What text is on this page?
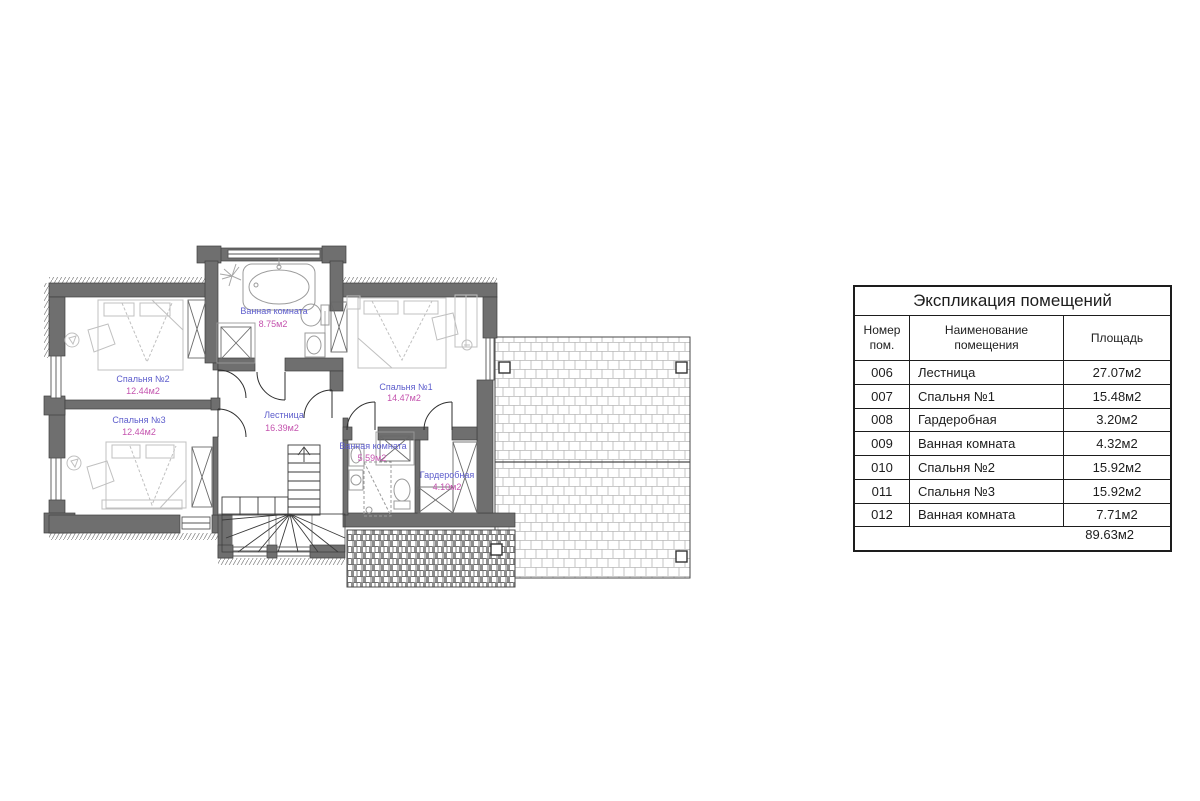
Ванная комната
Спальня №2
Спальня №3
Спальня №1
Лестница
Ванная комната
Гардеробная
8.75м2
12.44м2
12.44м2
14.47м2
16.39м2
5.59м2
4.10м2
Экспликация помещений
Номер пом.
Наименование помещения
Площадь
006	Лестница	27.07м2
007	Спальня №1	15.48м2
008	Гардеробная	3.20м2
009	Ванная комната	4.32м2
010	Спальня №2	15.92м2
011	Спальня №3	15.92м2
012	Ванная комната	7.71м2
89.63м2
